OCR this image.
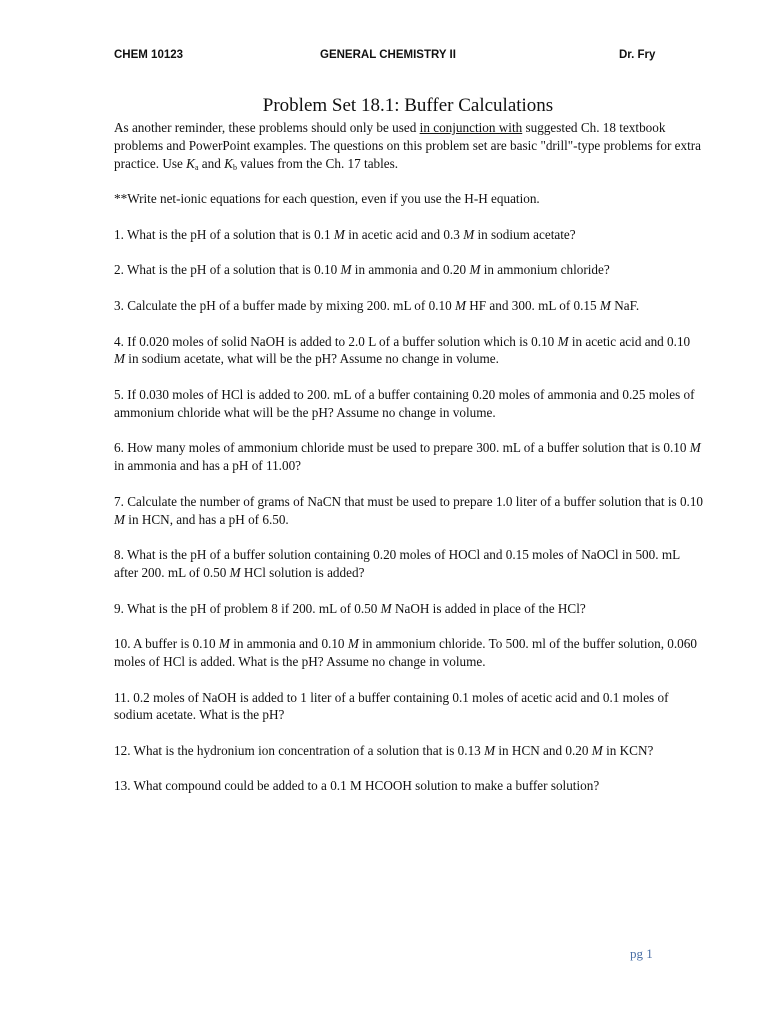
CHEM 10123	GENERAL CHEMISTRY II	Dr. Fry
Problem Set 18.1: Buffer Calculations

As another reminder, these problems should only be used in conjunction with suggested Ch. 18 textbook problems and PowerPoint examples. The questions on this problem set are basic "drill"-type problems for extra practice. Use $K_a$ and $K_b$ values from the Ch. 17 tables.

**Write net-ionic equations for each question, even if you use the H-H equation.

1. What is the pH of a solution that is 0.1 M in acetic acid and 0.3 M in sodium acetate?

2. What is the pH of a solution that is 0.10 M in ammonia and 0.20 M in ammonium chloride?

3. Calculate the pH of a buffer made by mixing 200. mL of 0.10 M HF and 300. mL of 0.15 M NaF.

4. If 0.020 moles of solid NaOH is added to 2.0 L of a buffer solution which is 0.10 M in acetic acid and 0.10 M in sodium acetate, what will be the pH? Assume no change in volume.

5. If 0.030 moles of HCl is added to 200. mL of a buffer containing 0.20 moles of ammonia and 0.25 moles of ammonium chloride what will be the pH? Assume no change in volume.

6. How many moles of ammonium chloride must be used to prepare 300. mL of a buffer solution that is 0.10 M in ammonia and has a pH of 11.00?

7. Calculate the number of grams of NaCN that must be used to prepare 1.0 liter of a buffer solution that is 0.10 M in HCN, and has a pH of 6.50.

8. What is the pH of a buffer solution containing 0.20 moles of HOCl and 0.15 moles of NaOCl in 500. mL after 200. mL of 0.50 M HCl solution is added?

9. What is the pH of problem 8 if 200. mL of 0.50 M NaOH is added in place of the HCl?

10. A buffer is 0.10 M in ammonia and 0.10 M in ammonium chloride. To 500. ml of the buffer solution, 0.060 moles of HCl is added. What is the pH? Assume no change in volume.

11. 0.2 moles of NaOH is added to 1 liter of a buffer containing 0.1 moles of acetic acid and 0.1 moles of sodium acetate. What is the pH?

12. What is the hydronium ion concentration of a solution that is 0.13 M in HCN and 0.20 M in KCN?

13. What compound could be added to a 0.1 M HCOOH solution to make a buffer solution?

pg 1
